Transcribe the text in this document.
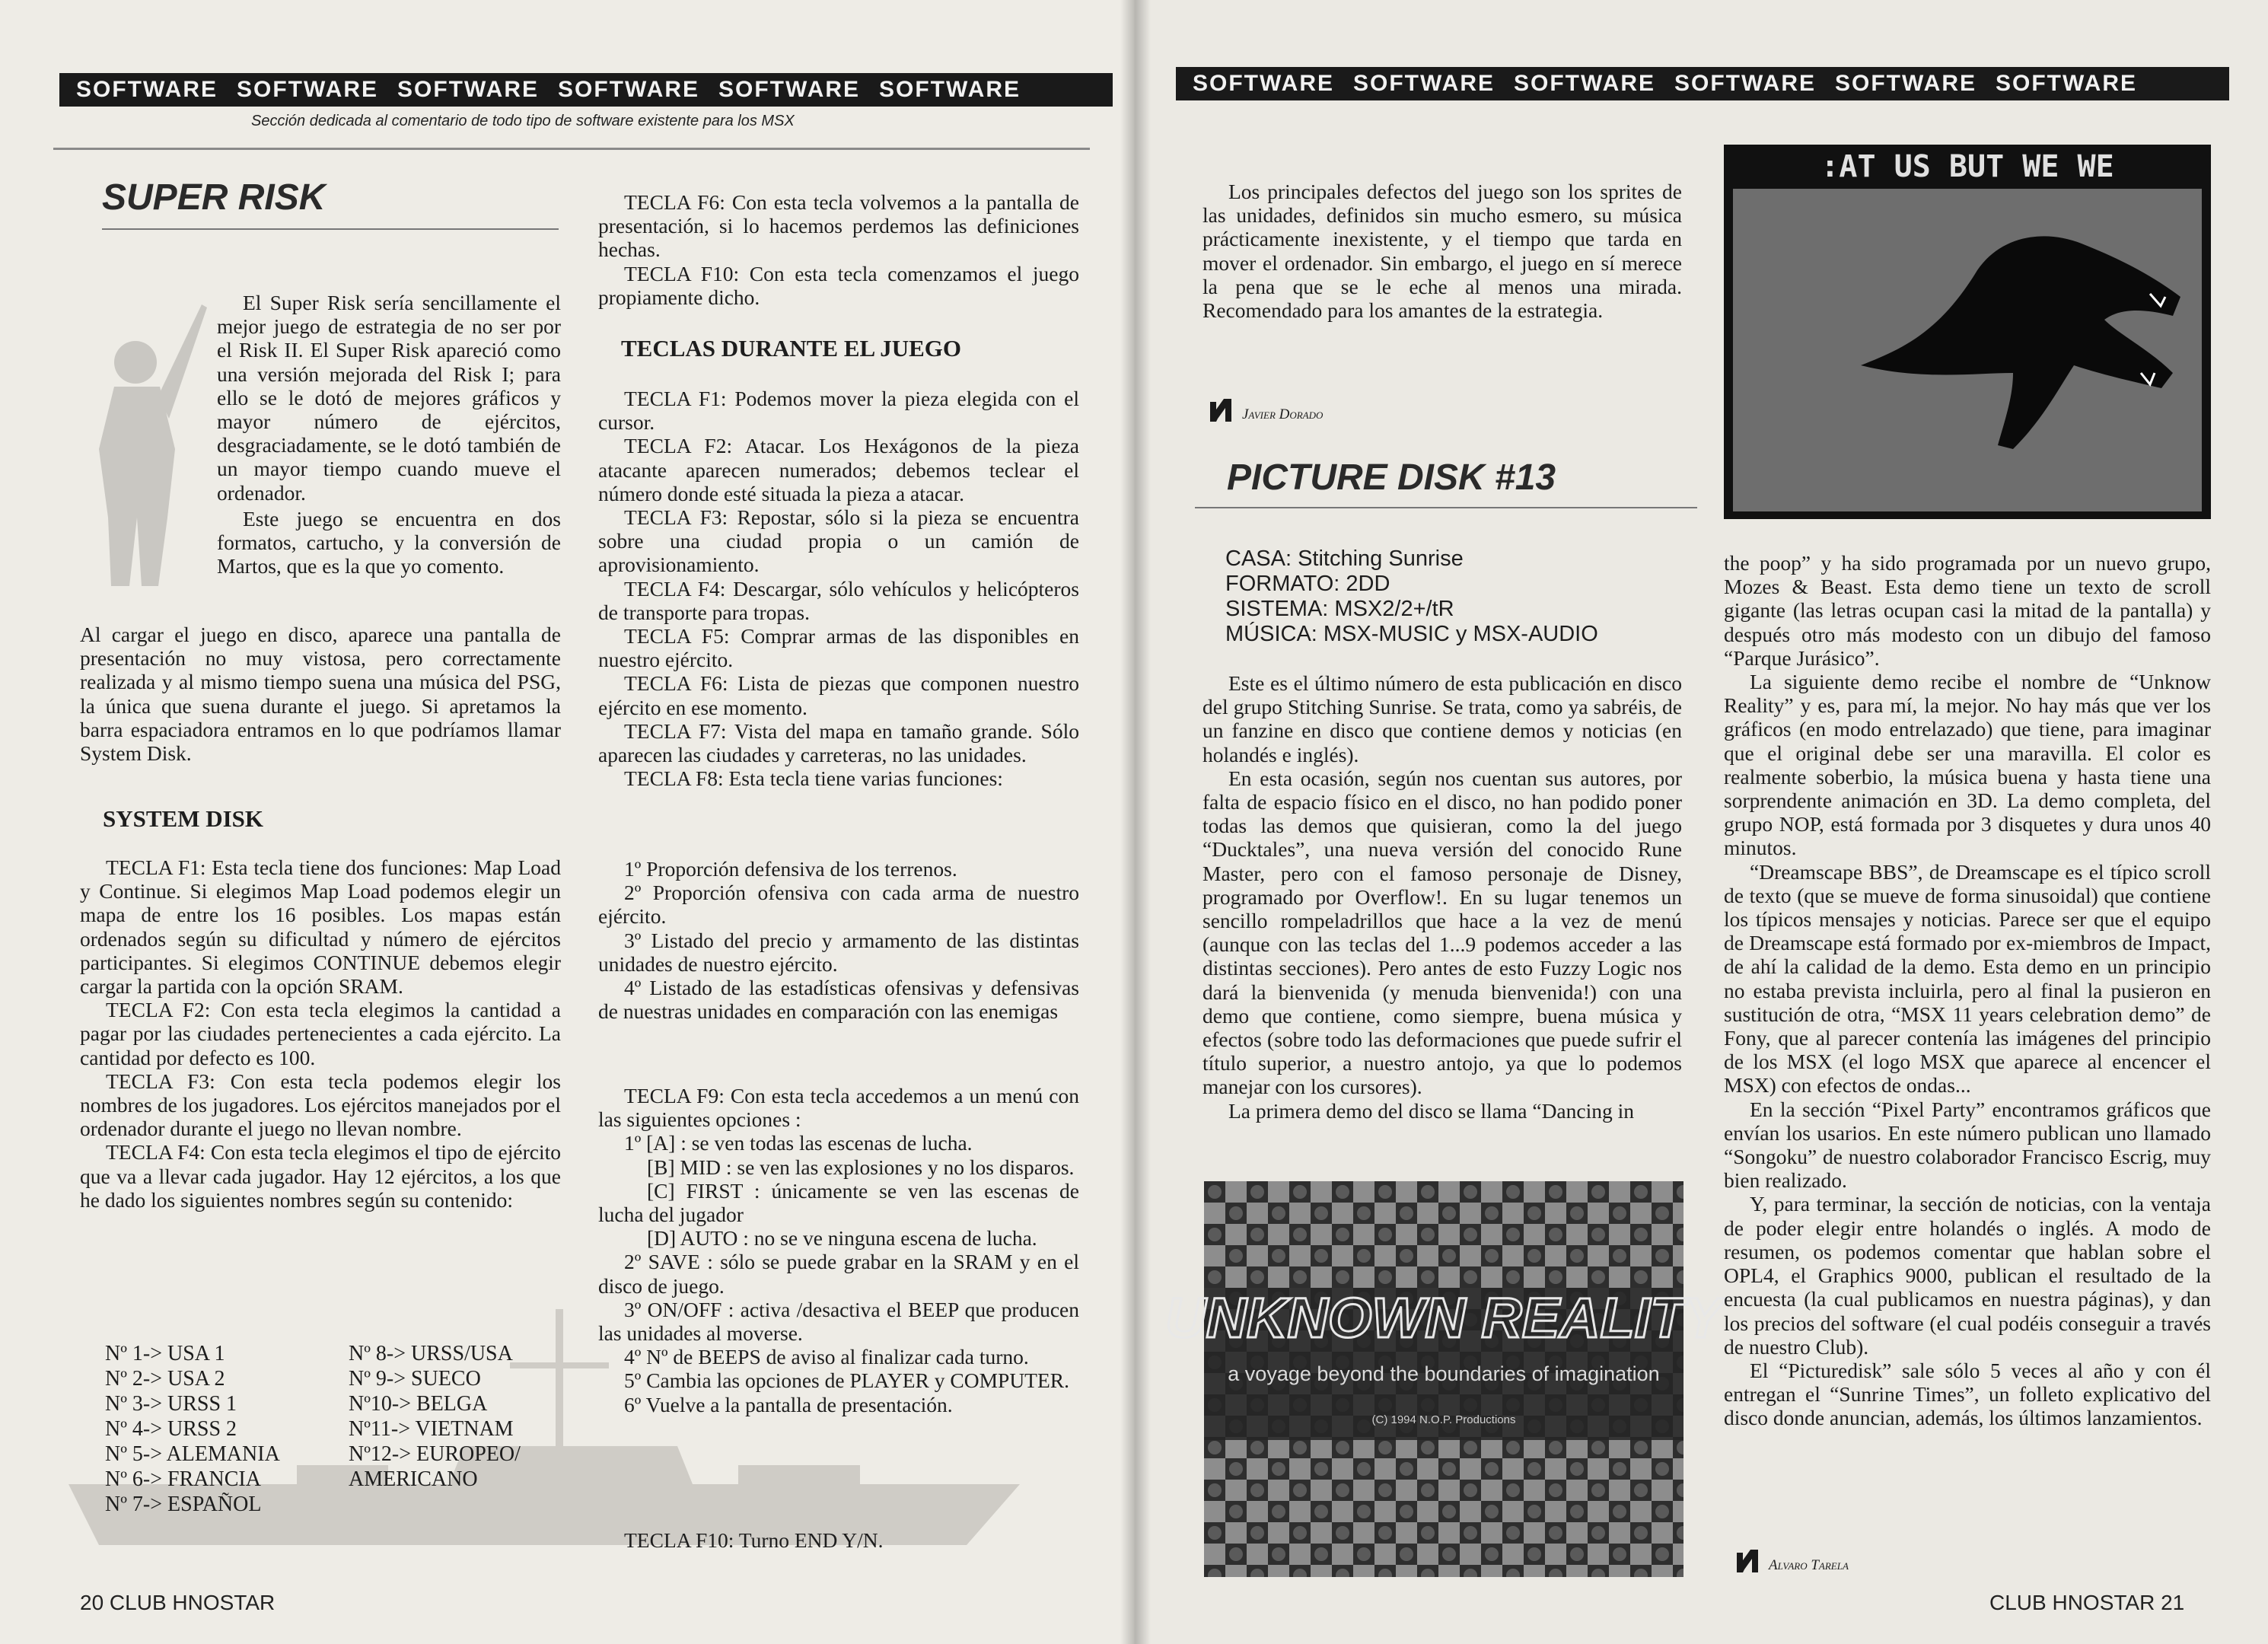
SOFTWARE SOFTWARE SOFTWARE SOFTWARE SOFTWARE SOFTWARE
Sección dedicada al comentario de todo tipo de software existente para los MSX
SUPER RISK
El Super Risk sería sencillamente el mejor juego de estrategia de no ser por el Risk II. El Super Risk apareció como una versión mejorada del Risk I; para ello se le dotó de mejores gráficos y mayor número de ejércitos, desgraciadamente, se le dotó también de un mayor tiempo cuando mueve el ordenador.
Este juego se encuentra en dos formatos, cartucho, y la conversión de Martos, que es la que yo comento.
Al cargar el juego en disco, aparece una pantalla de presentación no muy vistosa, pero correctamente realizada y al mismo tiempo suena una música del PSG, la única que suena durante el juego. Si apretamos la barra espaciadora entramos en lo que podríamos llamar System Disk.
SYSTEM DISK
TECLA F1: Esta tecla tiene dos funciones: Map Load y Continue. Si elegimos Map Load podemos elegir un mapa de entre los 16 posibles. Los mapas están ordenados según su dificultad y número de ejércitos participantes. Si elegimos CONTINUE debemos elegir cargar la partida con la opción SRAM.
TECLA F2: Con esta tecla elegimos la cantidad a pagar por las ciudades pertenecientes a cada ejército. La cantidad por defecto es 100.
TECLA F3: Con esta tecla podemos elegir los nombres de los jugadores. Los ejércitos manejados por el ordenador durante el juego no llevan nombre.
TECLA F4: Con esta tecla elegimos el tipo de ejército que va a llevar cada jugador. Hay 12 ejércitos, a los que he dado los siguientes nombres según su contenido:
Nº 1-> USA 1
Nº 2-> USA 2
Nº 3-> URSS 1
Nº 4-> URSS 2
Nº 5-> ALEMANIA
Nº 6-> FRANCIA
Nº 7-> ESPAÑOL
Nº 8-> URSS/USA
Nº 9-> SUECO
Nº10-> BELGA
Nº11-> VIETNAM
Nº12-> EUROPEO/
AMERICANO
TECLA F6: Con esta tecla volvemos a la pantalla de presentación, si lo hacemos perdemos las definiciones hechas.
TECLA F10: Con esta tecla comenzamos el juego propiamente dicho.
TECLAS DURANTE EL JUEGO
TECLA F1: Podemos mover la pieza elegida con el cursor.
TECLA F2: Atacar. Los Hexágonos de la pieza atacante aparecen numerados; debemos teclear el número donde esté situada la pieza a atacar.
TECLA F3: Repostar, sólo si la pieza se encuentra sobre una ciudad propia o un camión de aprovisionamiento.
TECLA F4: Descargar, sólo vehículos y helicópteros de transporte para tropas.
TECLA F5: Comprar armas de las disponibles en nuestro ejército.
TECLA F6: Lista de piezas que componen nuestro ejército en ese momento.
TECLA F7: Vista del mapa en tamaño grande. Sólo aparecen las ciudades y carreteras, no las unidades.
TECLA F8: Esta tecla tiene varias funciones:
1º Proporción defensiva de los terrenos.
2º Proporción ofensiva con cada arma de nuestro ejército.
3º Listado del precio y armamento de las distintas unidades de nuestro ejército.
4º Listado de las estadísticas ofensivas y defensivas de nuestras unidades en comparación con las enemigas
TECLA F9: Con esta tecla accedemos a un menú con las siguientes opciones :
1º [A] : se ven todas las escenas de lucha.
[B] MID : se ven las explosiones y no los disparos.
[C] FIRST : únicamente se ven las escenas de lucha del jugador
[D] AUTO : no se ve ninguna escena de lucha.
2º SAVE : sólo se puede grabar en la SRAM y en el disco de juego.
3º ON/OFF : activa /desactiva el BEEP que producen las unidades al moverse.
4º Nº de BEEPS de aviso al finalizar cada turno.
5º Cambia las opciones de PLAYER y COMPUTER.
6º Vuelve a la pantalla de presentación.
TECLA F10: Turno END Y/N.
20 CLUB HNOSTAR
SOFTWARE SOFTWARE SOFTWARE SOFTWARE SOFTWARE SOFTWARE
Los principales defectos del juego son los sprites de las unidades, definidos sin mucho esmero, su música prácticamente inexistente, y el tiempo que tarda en mover el ordenador. Sin embargo, el juego en sí merece la pena que se le eche al menos una mirada. Recomendado para los amantes de la estrategia.
Javier Dorado
PICTURE DISK #13
CASA: Stitching Sunrise
FORMATO: 2DD
SISTEMA: MSX2/2+/tR
MÚSICA: MSX-MUSIC y MSX-AUDIO
Este es el último número de esta publicación en disco del grupo Stitching Sunrise. Se trata, como ya sabréis, de un fanzine en disco que contiene demos y noticias (en holandés e inglés).
En esta ocasión, según nos cuentan sus autores, por falta de espacio físico en el disco, no han podido poner todas las demos que quisieran, como la del juego “Ducktales”, una nueva versión del conocido Rune Master, pero con el famoso personaje de Disney, programado por Overflow!. En su lugar tenemos un sencillo rompeladrillos que hace a la vez de menú (aunque con las teclas del 1...9 podemos acceder a las distintas secciones). Pero antes de esto Fuzzy Logic nos dará la bienvenida (y menuda bienvenida!) con una demo que contiene, como siempre, buena música y efectos (sobre todo las deformaciones que puede sufrir el título superior, a nuestro antojo, ya que lo podemos manejar con los cursores).
La primera demo del disco se llama “Dancing in
UNKNOWN REALITY
a voyage beyond the boundaries of imagination
(C) 1994 N.O.P. Productions
:AT US BUT WE WE
the poop” y ha sido programada por un nuevo grupo, Mozes & Beast. Esta demo tiene un texto de scroll gigante (las letras ocupan casi la mitad de la pantalla) y después otro más modesto con un dibujo del famoso “Parque Jurásico”.
La siguiente demo recibe el nombre de “Unknow Reality” y es, para mí, la mejor. No hay más que ver los gráficos (en modo entrelazado) que tiene, para imaginar que el original debe ser una maravilla. El color es realmente soberbio, la música buena y hasta tiene una sorprendente animación en 3D. La demo completa, del grupo NOP, está formada por 3 disquetes y dura unos 40 minutos.
“Dreamscape BBS”, de Dreamscape es el típico scroll de texto (que se mueve de forma sinusoidal) que contiene los típicos mensajes y noticias. Parece ser que el equipo de Dreamscape está formado por ex-miembros de Impact, de ahí la calidad de la demo. Esta demo en un principio no estaba prevista incluirla, pero al final la pusieron en sustitución de otra, “MSX 11 years celebration demo” de Fony, que al parecer contenía las imágenes del principio de los MSX (el logo MSX que aparece al encencer el MSX) con efectos de ondas...
En la sección “Pixel Party” encontramos gráficos que envían los usarios. En este número publican uno llamado “Songoku” de nuestro colaborador Francisco Escrig, muy bien realizado.
Y, para terminar, la sección de noticias, con la ventaja de poder elegir entre holandés o inglés. A modo de resumen, os podemos comentar que hablan sobre el OPL4, el Graphics 9000, publican el resultado de la encuesta (la cual publicamos en nuestra páginas), y dan los precios del software (el cual podéis conseguir a través de nuestro Club).
El “Picturedisk” sale sólo 5 veces al año y con él entregan el “Sunrine Times”, un folleto explicativo del disco donde anuncian, además, los últimos lanzamientos.
Alvaro Tarela
CLUB HNOSTAR 21
